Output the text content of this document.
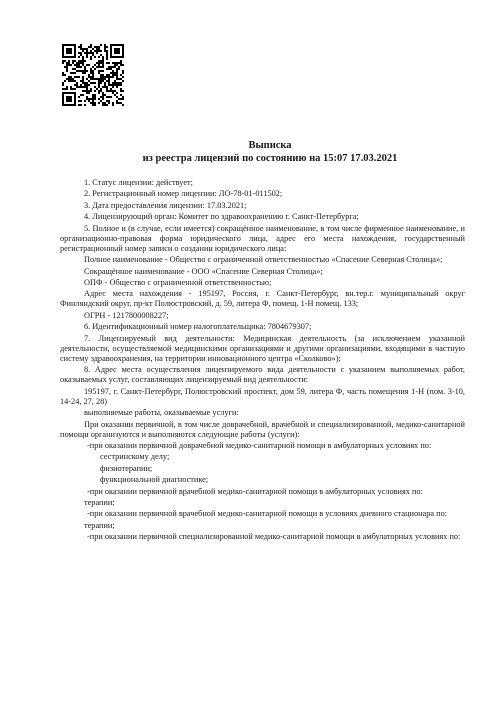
Выписка
из реестра лицензий по состоянию на 15:07 17.03.2021

1. Статус лицензии: действует;

2. Регистрационный номер лицензии: ЛО-78-01-011502;

3. Дата предоставления лицензии: 17.03.2021;

4. Лицензирующий орган: Комитет по здравоохранению г. Санкт-Петербурга;

5. Полное и (в случае, если имеется) сокращённое наименование, в том числе фирменное наименование, и организационно-правовая форма юридического лица, адрес его места нахождения, государственный регистрационный номер записи о создании юридического лица:

Полное наименование - Общество с ограниченной ответственностью «Спасение Северная Столица»;

Сокращённое наименование - ООО «Спасение Северная Столица»;

ОПФ - Общество с ограниченной ответственностью;

Адрес места нахождения - 195197, Россия, г. Санкт-Петербург, вн.тер.г. муниципальный округ Финляндский округ, пр-кт Полюстровский, д. 59, литера Ф, помещ. 1-Н помещ. 133;

ОГРН - 1217800008227;

6. Идентификационный номер налогоплательщика: 7804679307;

7. Лицензируемый вид деятельности: Медицинская деятельность (за исключением указанной деятельности, осуществляемой медицинскими организациями и другими организациями, входящими в частную систему здравоохранения, на территории инновационного центра «Сколково»);

8. Адрес места осуществления лицензируемого вида деятельности с указанием выполняемых работ, оказываемых услуг, составляющих лицензируемый вид деятельности:

195197, г. Санкт-Петербург, Полюстровский проспект, дом 59, литера Ф, часть помещения 1-Н (пом. 3-10, 14-24, 27, 28)

выполняемые работы, оказываемые услуги:

При оказании первичной, в том числе доврачебной, врачебной и специализированной, медико-санитарной помощи организуются и выполняются следующие работы (услуги):

-при оказании первичной доврачебной медико-санитарной помощи в амбулаторных условиях по:

сестринскому делу;

физиотерапии;

функциональной диагностике;

-при оказании первичной врачебной медико-санитарной помощи в амбулаторных условиях по:

терапии;

-при оказании первичной врачебной медико-санитарной помощи в условиях дневного стационара по:

терапии;

-при оказании первичной специализированной медико-санитарной помощи в амбулаторных условиях по:
